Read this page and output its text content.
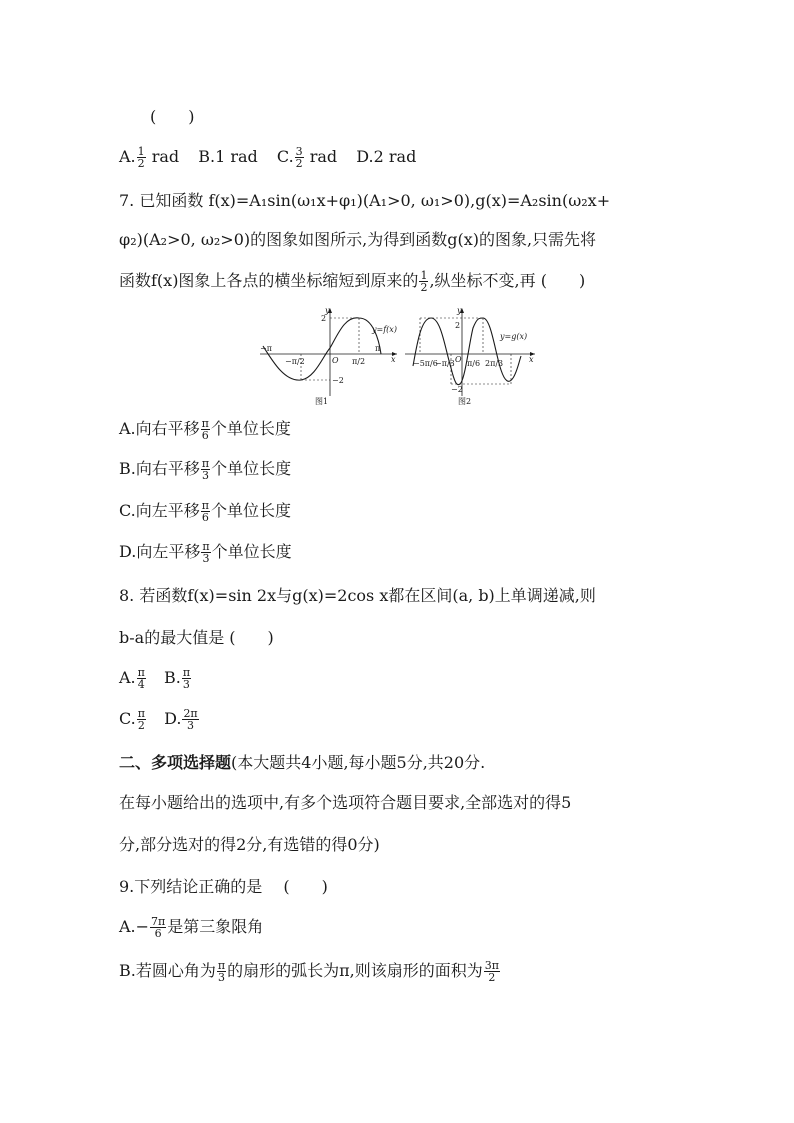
(　　)
A. $\frac{1}{2}$ rad B.1 rad C. $\frac{3}{2}$ rad D.2 rad
7. 已知函数 f(x)=A₁sin(ω₁x+φ₁)(A₁>0, ω₁>0),g(x)=A₂sin(ω₂x+
φ₂)(A₂>0, ω₂>0)的图象如图所示,为得到函数g(x)的图象,只需先将
函数f(x)图象上各点的横坐标缩短到原来的 $\frac{1}{2}$ ,纵坐标不变,再 (　　)
y
x
O
2
−2
−π
−π/2	π/2
π
y=f(x)
图1
y
x
O
2
−2
−5π/6
−π/3 π/6 2π/3
y=g(x)
图2
A.向右平移 $\frac{\pi}{6}$ 个单位长度
B.向右平移 $\frac{\pi}{3}$ 个单位长度
C.向左平移 $\frac{\pi}{6}$ 个单位长度
D.向左平移 $\frac{\pi}{3}$ 个单位长度
8. 若函数f(x)=sin 2x与g(x)=2cos x都在区间(a, b)上单调递减,则
b-a的最大值是 (　　)
A. $\frac{\pi}{4} B$. $\frac{\pi}{3}$
C. $\frac{\pi}{2} D$. $\frac{2\pi}{3}$
二、多项选择题(本大题共4小题,每小题5分,共20分.
在每小题给出的选项中,有多个选项符合题目要求,全部选对的得5
分,部分选对的得2分,有选错的得0分)
9.下列结论正确的是 　(　　)
$A.- \frac{7\pi}{6}$ 是第三象限角
B.若圆心角为 $\frac{\pi}{3}$ 的扇形的弧长为π,则该扇形的面积为 $\frac{3\pi}{2}$
